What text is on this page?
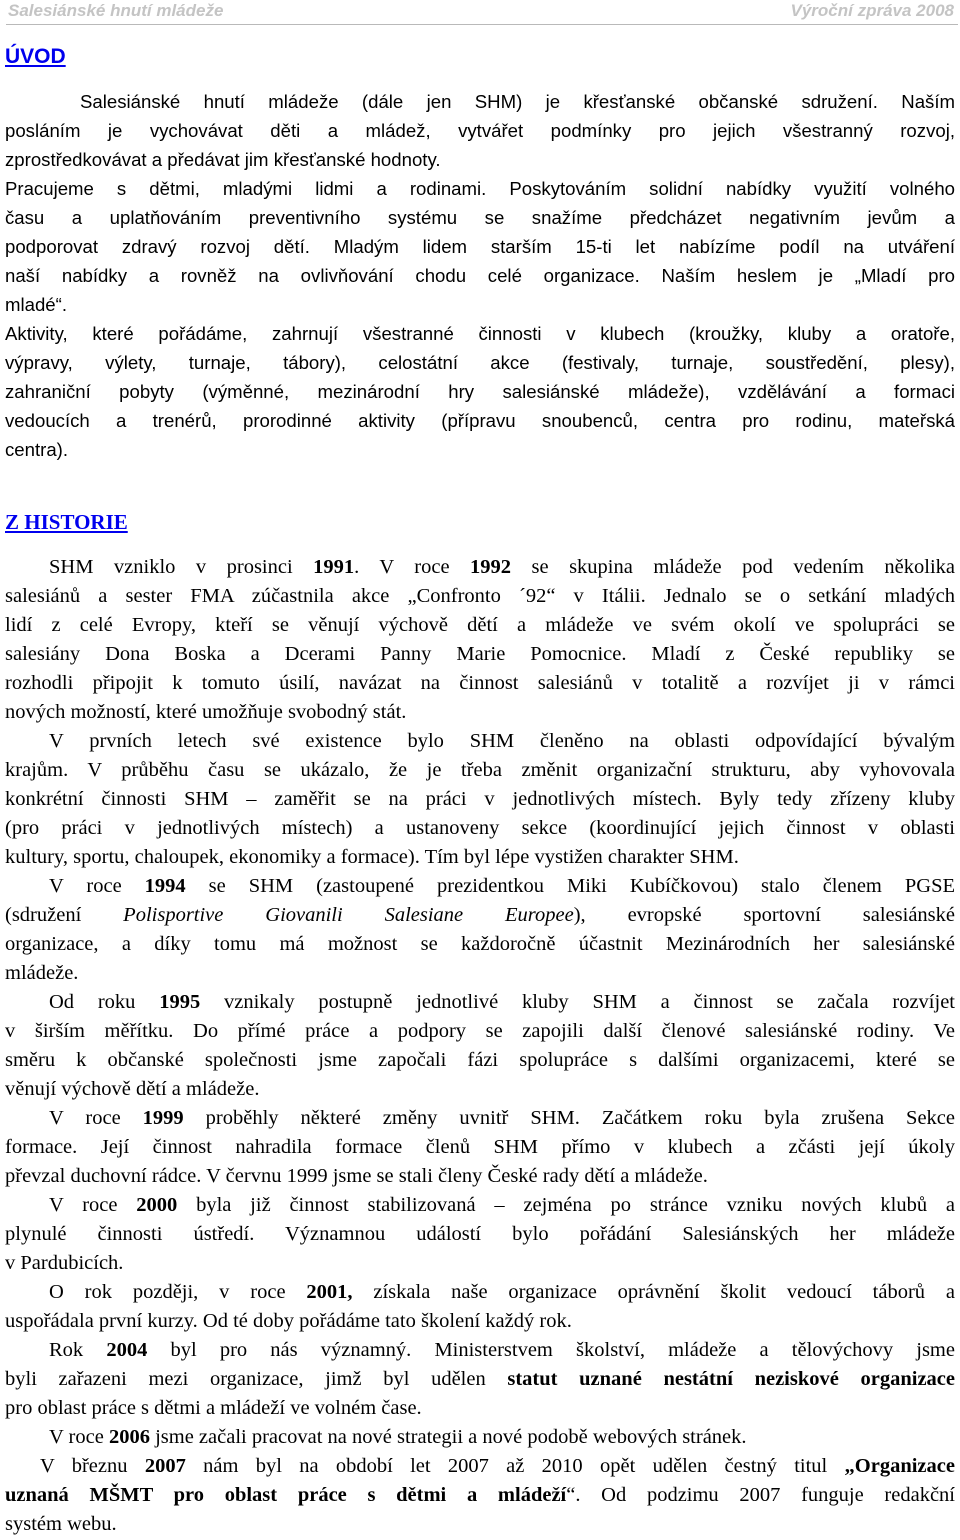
Salesiánské hnutí mládeže	Výroční zpráva 2008
ÚVOD
Salesiánské hnutí mládeže (dále jen SHM) je křesťanské občanské sdružení. Naším
posláním je vychovávat děti a mládež, vytvářet podmínky pro jejich všestranný rozvoj,
zprostředkovávat a předávat jim křesťanské hodnoty.
Pracujeme s dětmi, mladými lidmi a rodinami. Poskytováním solidní nabídky využití volného
času a uplatňováním preventivního systému se snažíme předcházet negativním jevům a
podporovat zdravý rozvoj dětí. Mladým lidem starším 15-ti let nabízíme podíl na utváření
naší nabídky a rovněž na ovlivňování chodu celé organizace. Naším heslem je „Mladí pro
mladé“.
Aktivity, které pořádáme, zahrnují všestranné činnosti v klubech (kroužky, kluby a oratoře,
výpravy, výlety, turnaje, tábory), celostátní akce (festivaly, turnaje, soustředění, plesy),
zahraniční pobyty (výměnné, mezinárodní hry salesiánské mládeže), vzdělávání a formaci
vedoucích a trenérů, prorodinné aktivity (přípravu snoubenců, centra pro rodinu, mateřská
centra).
Z HISTORIE
SHM vzniklo v prosinci 1991. V roce 1992 se skupina mládeže pod vedením několika
salesiánů a sester FMA zúčastnila akce „Confronto ´92“ v Itálii. Jednalo se o setkání mladých
lidí z celé Evropy, kteří se věnují výchově dětí a mládeže ve svém okolí ve spolupráci se
salesiány Dona Boska a Dcerami Panny Marie Pomocnice. Mladí z České republiky se
rozhodli připojit k tomuto úsilí, navázat na činnost salesiánů v totalitě a rozvíjet ji v rámci
nových možností, které umožňuje svobodný stát.
V prvních letech své existence bylo SHM členěno na oblasti odpovídající bývalým
krajům. V průběhu času se ukázalo, že je třeba změnit organizační strukturu, aby vyhovovala
konkrétní činnosti SHM – zaměřit se na práci v jednotlivých místech. Byly tedy zřízeny kluby
(pro práci v jednotlivých místech) a ustanoveny sekce (koordinující jejich činnost v oblasti
kultury, sportu, chaloupek, ekonomiky a formace). Tím byl lépe vystižen charakter SHM.
V roce 1994 se SHM (zastoupené prezidentkou Miki Kubíčkovou) stalo členem PGSE
(sdružení Polisportive Giovanili Salesiane Europee), evropské sportovní salesiánské
organizace, a díky tomu má možnost se každoročně účastnit Mezinárodních her salesiánské
mládeže.
Od roku 1995 vznikaly postupně jednotlivé kluby SHM a činnost se začala rozvíjet
v širším měřítku. Do přímé práce a podpory se zapojili další členové salesiánské rodiny. Ve
směru k občanské společnosti jsme započali fázi spolupráce s dalšími organizacemi, které se
věnují výchově dětí a mládeže.
V roce 1999 proběhly některé změny uvnitř SHM. Začátkem roku byla zrušena Sekce
formace. Její činnost nahradila formace členů SHM přímo v klubech a zčásti její úkoly
převzal duchovní rádce. V červnu 1999 jsme se stali členy České rady dětí a mládeže.
V roce 2000 byla již činnost stabilizovaná – zejména po stránce vzniku nových klubů a
plynulé činnosti ústředí. Významnou událostí bylo pořádání Salesiánských her mládeže
v Pardubicích.
O rok později, v roce 2001, získala naše organizace oprávnění školit vedoucí táborů a
uspořádala první kurzy. Od té doby pořádáme tato školení každý rok.
Rok 2004 byl pro nás významný. Ministerstvem školství, mládeže a tělovýchovy jsme
byli zařazeni mezi organizace, jimž byl udělen statut uznané nestátní neziskové organizace
pro oblast práce s dětmi a mládeží ve volném čase.
V roce 2006 jsme začali pracovat na nové strategii a nové podobě webových stránek.
V březnu 2007 nám byl na období let 2007 až 2010 opět udělen čestný titul „Organizace
uznaná MŠMT pro oblast práce s dětmi a mládeží“. Od podzimu 2007 funguje redakční
systém webu.
